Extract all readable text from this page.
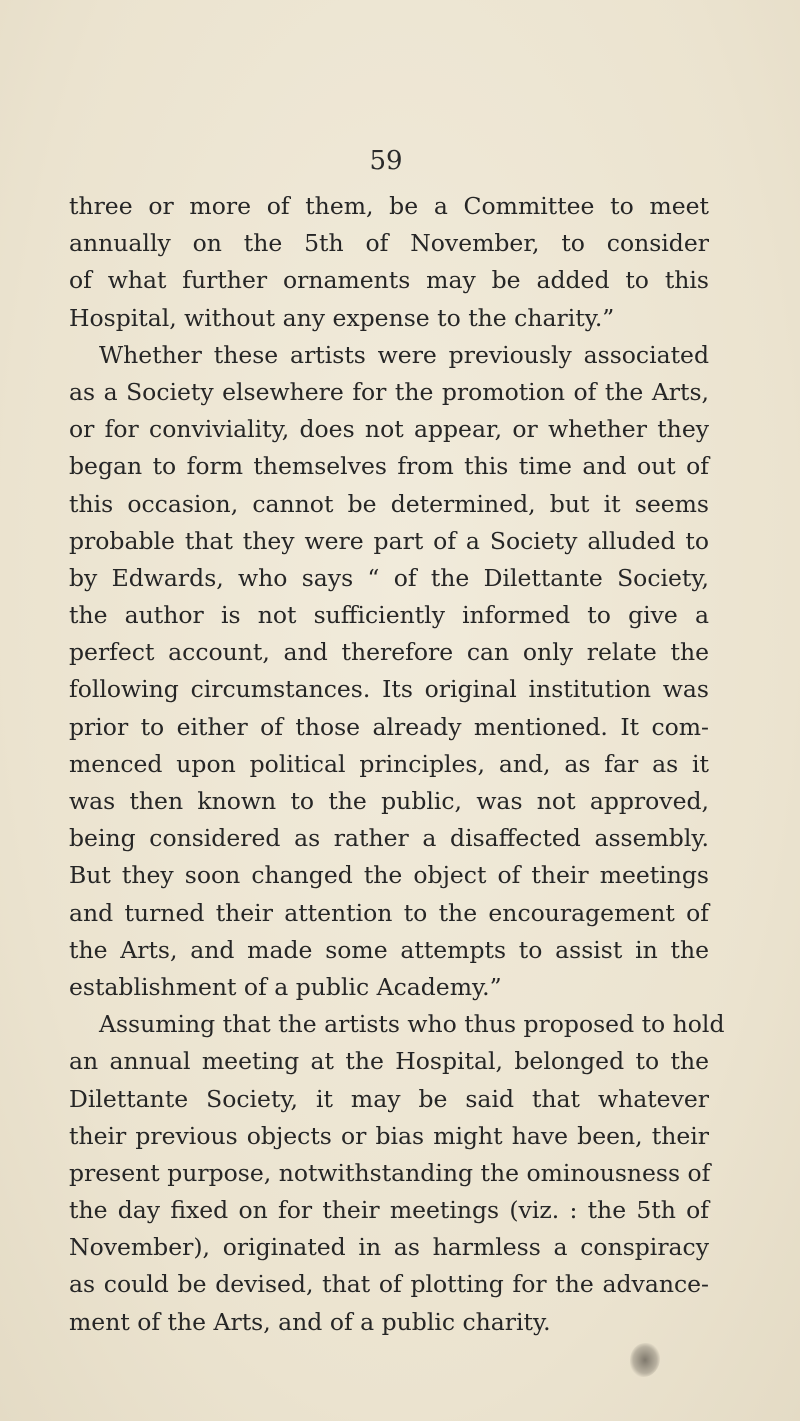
59
three or more of them, be a Committee to meet
annually on the 5th of November, to consider
of what further ornaments may be added to this
Hospital, without any expense to the charity.”
Whether these artists were previously associated
as a Society elsewhere for the promotion of the Arts,
or for conviviality, does not appear, or whether they
began to form themselves from this time and out of
this occasion, cannot be determined, but it seems
probable that they were part of a Society alluded to
by Edwards, who says “ of the Dilettante Society,
the author is not sufficiently informed to give a
perfect account, and therefore can only relate the
following circumstances. Its original institution was
prior to either of those already mentioned. It com-
menced upon political principles, and, as far as it
was then known to the public, was not approved,
being considered as rather a disaffected assembly.
But they soon changed the object of their meetings
and turned their attention to the encouragement of
the Arts, and made some attempts to assist in the
establishment of a public Academy.”
Assuming that the artists who thus proposed to hold
an annual meeting at the Hospital, belonged to the
Dilettante Society, it may be said that whatever
their previous objects or bias might have been, their
present purpose, notwithstanding the ominousness of
the day fixed on for their meetings (viz. : the 5th of
November), originated in as harmless a conspiracy
as could be devised, that of plotting for the advance-
ment of the Arts, and of a public charity.
